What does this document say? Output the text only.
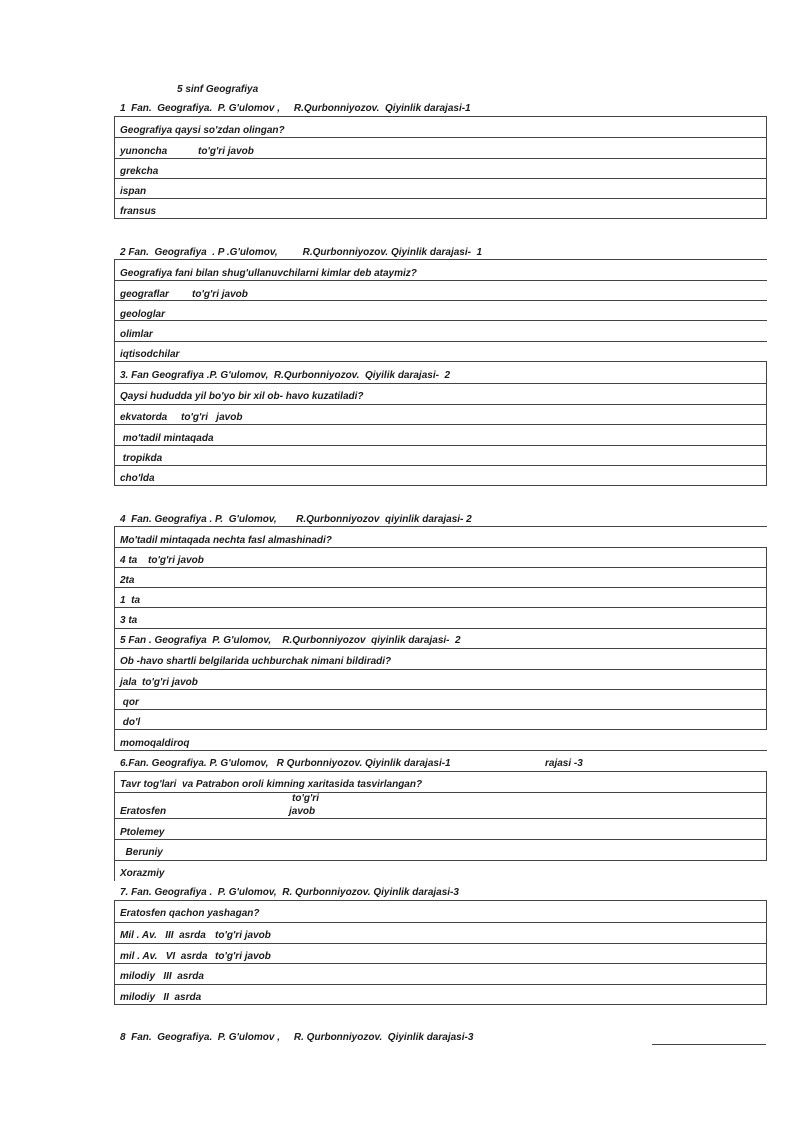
5 sinf Geografiya
1  Fan.  Geografiya.  P. G'ulomov ,     R.Qurbonniyozov.  Qiyinlik darajasi-1
Geografiya qaysi so'zdan olingan?
yunoncha	to'g'ri javob
grekcha
ispan
fransus
2 Fan.  Geografiya  . P .G'ulomov,         R.Qurbonniyozov. Qiyinlik darajasi-  1
Geografiya fani bilan shug'ullanuvchilarni kimlar deb ataymiz?
geograflar to'g'ri javob
geologlar
olimlar
iqtisodchilar
3. Fan Geografiya .P. G'ulomov,  R.Qurbonniyozov.  Qiyilik darajasi-  2
Qaysi hududda yil bo'yo bir xil ob- havo kuzatiladi?
ekvatorda to'g'ri   javob
mo'tadil mintaqada
tropikda
cho'lda
4  Fan. Geografiya . P.  G'ulomov,       R.Qurbonniyozov  qiyinlik darajasi- 2
Mo'tadil mintaqada nechta fasl almashinadi?
4 ta to'g'ri javob
2ta
1  ta
3 ta
5 Fan . Geografiya  P. G'ulomov,    R.Qurbonniyozov  qiyinlik darajasi-  2
Ob -havo shartli belgilarida uchburchak nimani bildiradi?
jala to'g'ri javob
qor
do'l
momoqaldiroq
6.Fan. Geografiya. P. G'ulomov,   R Qurbonniyozov. Qiyinlik darajasi-1	rajasi -3
Tavr tog'lari  va Patrabon oroli kimning xaritasida tasvirlangan?
to'g'ri
Eratosfen	javob
Ptolemey
Beruniy
Xorazmiy
7. Fan. Geografiya .  P. G'ulomov,  R. Qurbonniyozov. Qiyinlik darajasi-3
Eratosfen qachon yashagan?
Mil . Av.   III  asrda to'g'ri javob
mil . Av.   VI  asrda to'g'ri javob
milodiy   III  asrda
milodiy   II  asrda
8  Fan.  Geografiya.  P. G'ulomov ,     R. Qurbonniyozov.  Qiyinlik darajasi-3
